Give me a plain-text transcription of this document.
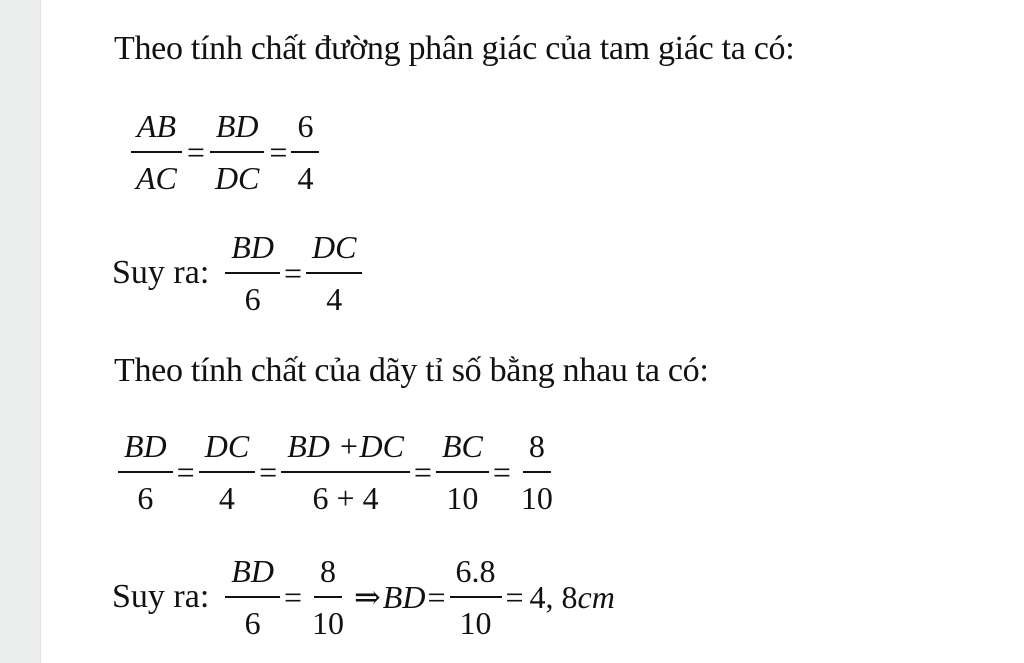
Theo tính chất đường phân giác của tam giác ta có:
$\frac{AB}{AC} = \frac{BD}{DC} = \frac{6}{4}$
Suy ra: $\frac{BD}{6} = \frac{DC}{4}$
Theo tính chất của dãy tỉ số bằng nhau ta có:
$\frac{BD}{6} = \frac{DC}{4} = \frac{BD +DC}{6 + 4} = \frac{BC}{10} = \frac{8}{10}$
Suy ra: $\frac{BD}{6} = \frac{8}{10}$ ⇒ BD = $\frac{6.8}{10} = 4$, 8 cm
